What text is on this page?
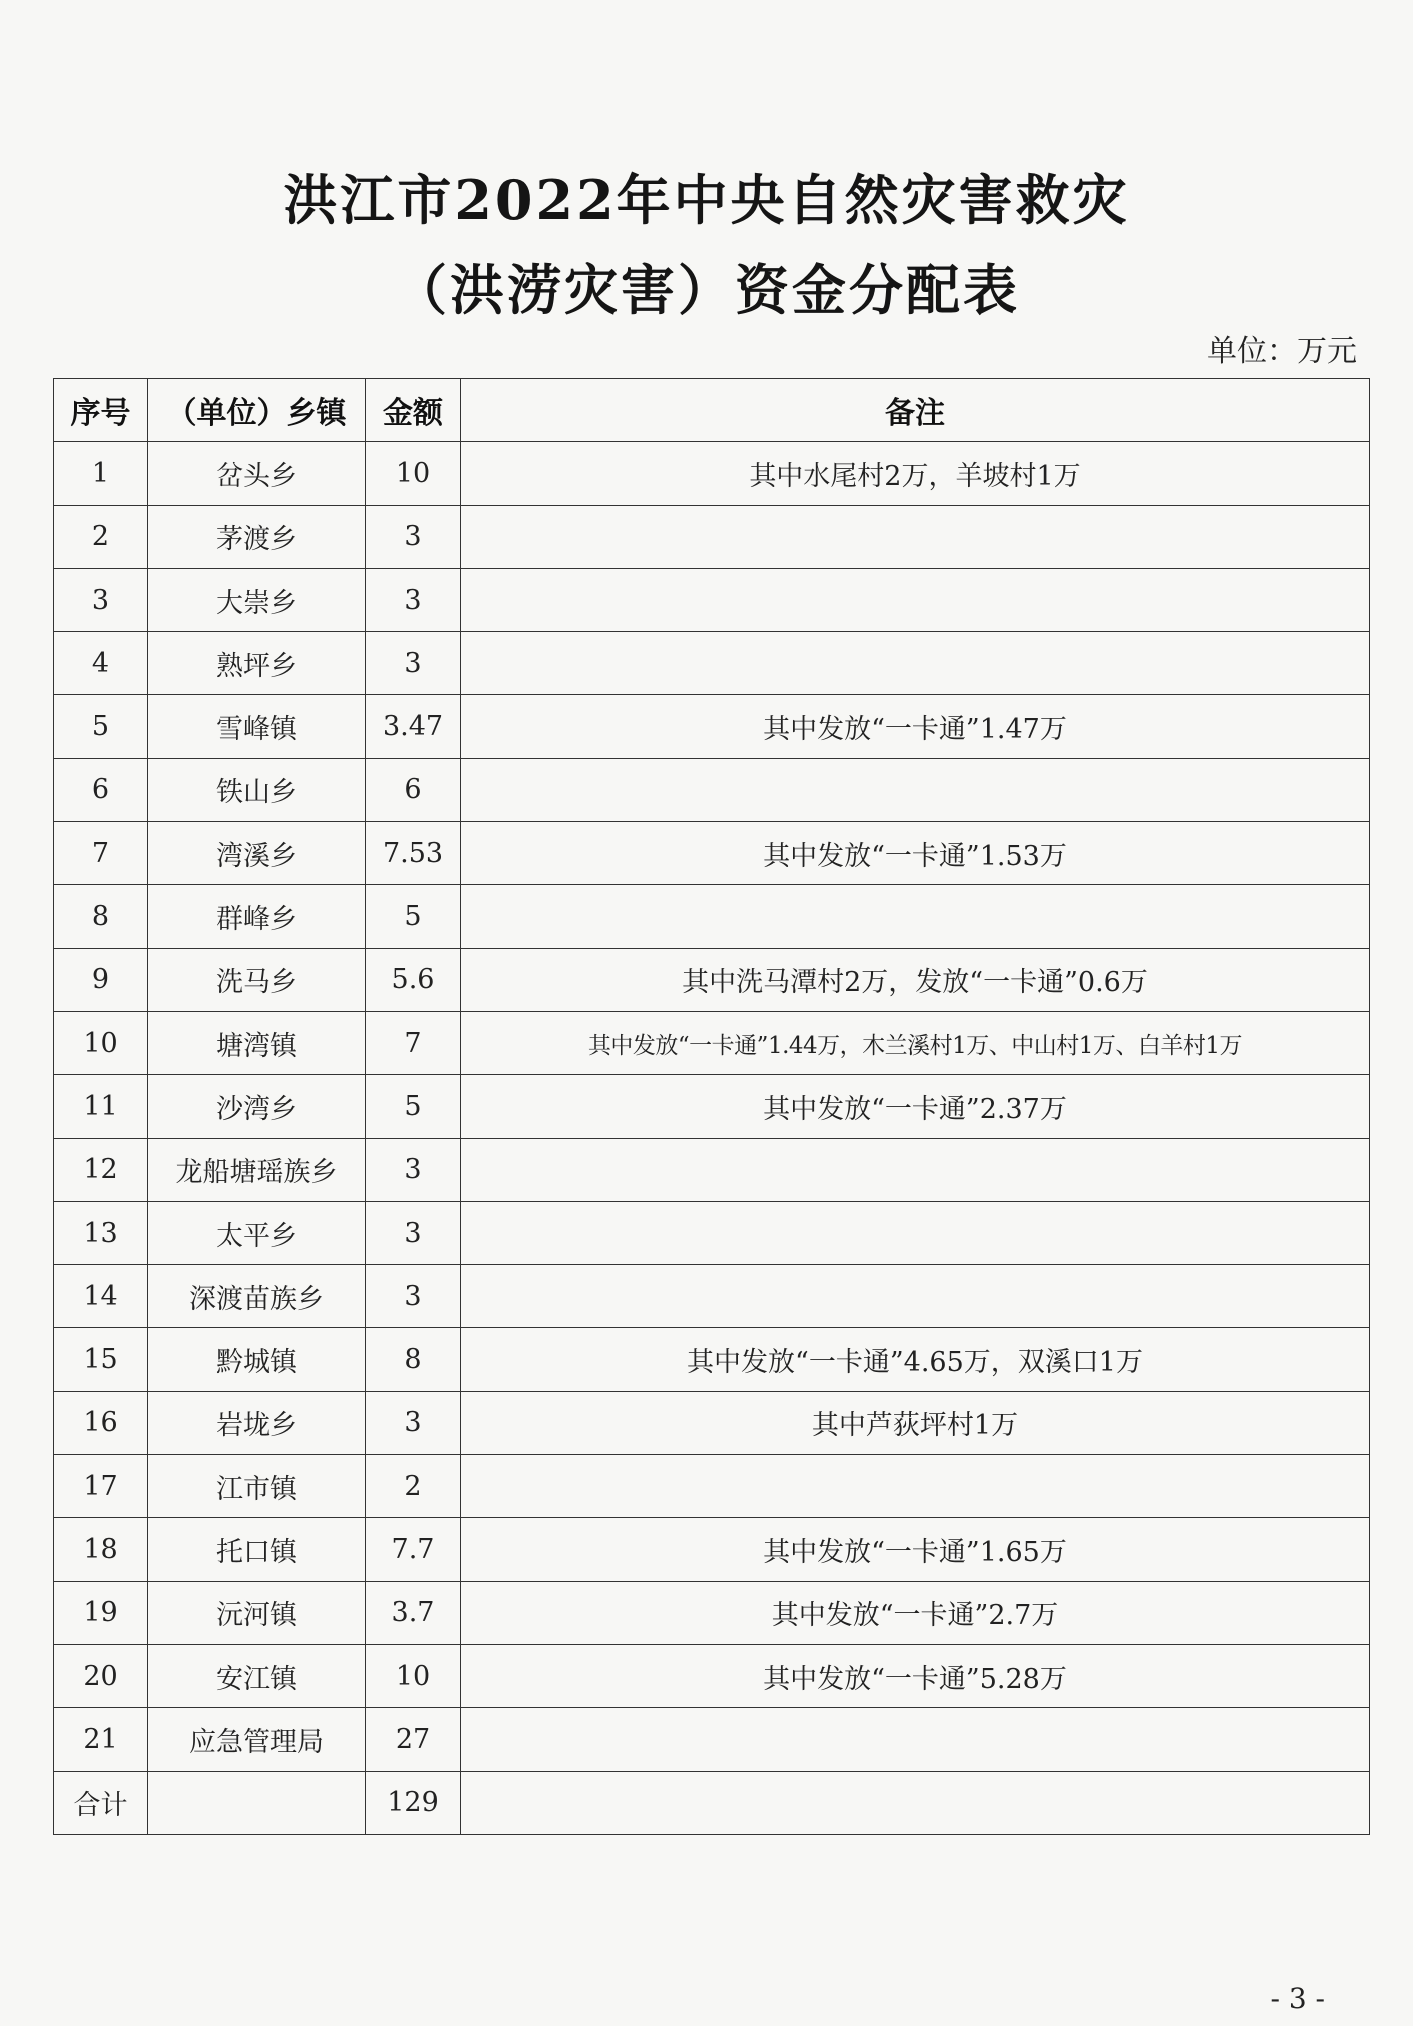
洪江市2022年中央自然灾害救灾
（洪涝灾害）资金分配表
单位：万元
序号	（单位）乡镇	金额	备注
1	岔头乡	10	其中水尾村2万，羊坡村1万
2	茅渡乡	3	
3	大崇乡	3	
4	熟坪乡	3	
5	雪峰镇	3.47	其中发放“一卡通”1.47万
6	铁山乡	6	
7	湾溪乡	7.53	其中发放“一卡通”1.53万
8	群峰乡	5	
9	洗马乡	5.6	其中洗马潭村2万，发放“一卡通”0.6万
10	塘湾镇	7	其中发放“一卡通”1.44万，木兰溪村1万、中山村1万、白羊村1万
11	沙湾乡	5	其中发放“一卡通”2.37万
12	龙船塘瑶族乡	3	
13	太平乡	3	
14	深渡苗族乡	3	
15	黔城镇	8	其中发放“一卡通”4.65万，双溪口1万
16	岩垅乡	3	其中芦荻坪村1万
17	江市镇	2	
18	托口镇	7.7	其中发放“一卡通”1.65万
19	沅河镇	3.7	其中发放“一卡通”2.7万
20	安江镇	10	其中发放“一卡通”5.28万
21	应急管理局	27	
合计		129	
- 3 -
